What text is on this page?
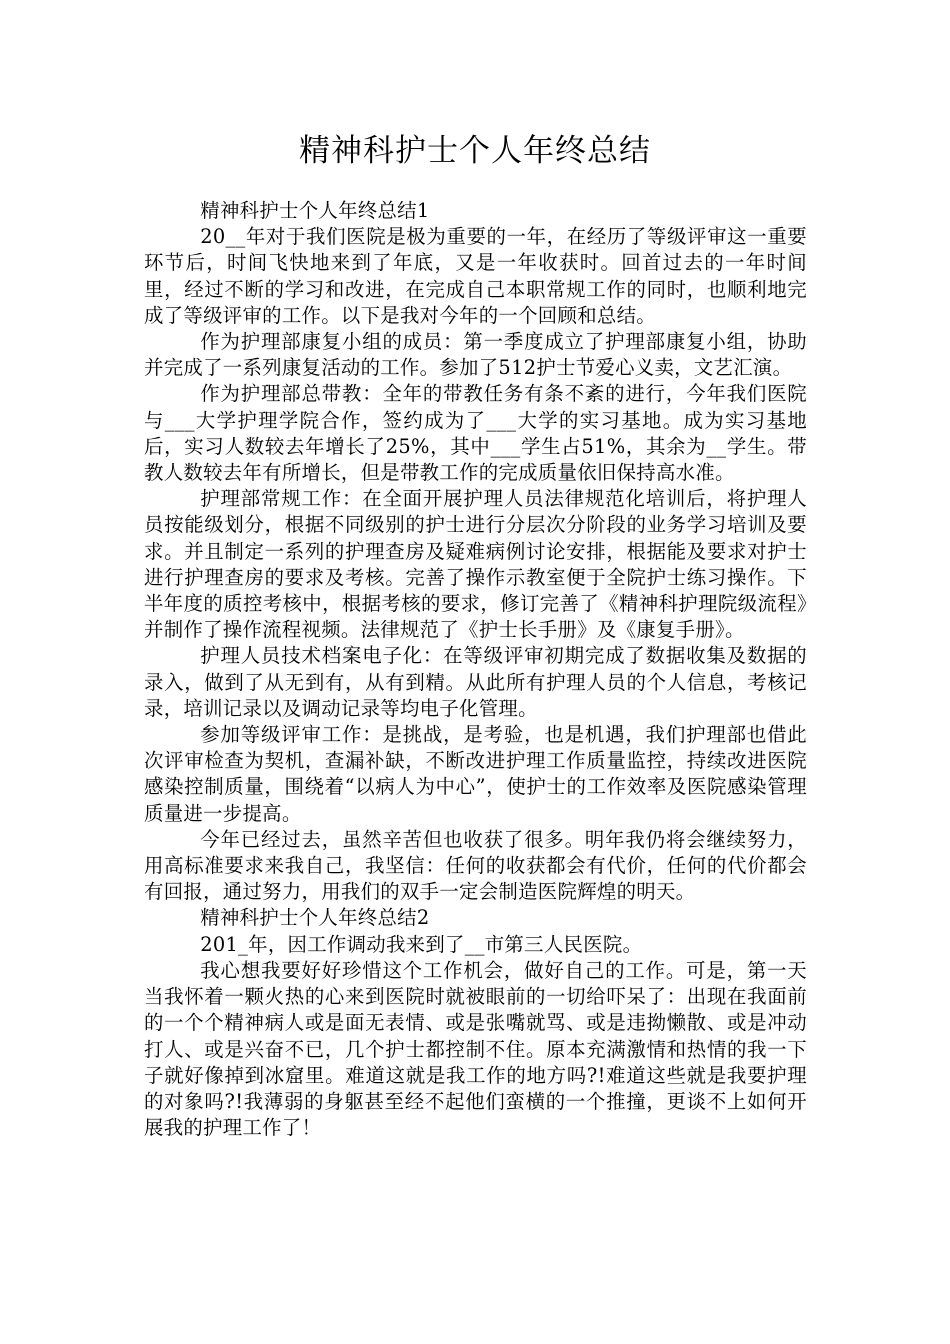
精神科护士个人年终总结

精神科护士个人年终总结1

20__年对于我们医院是极为重要的一年，在经历了等级评审这一重要环节后，时间飞快地来到了年底，又是一年收获时。回首过去的一年时间里，经过不断的学习和改进，在完成自己本职常规工作的同时，也顺利地完成了等级评审的工作。以下是我对今年的一个回顾和总结。

作为护理部康复小组的成员：第一季度成立了护理部康复小组，协助并完成了一系列康复活动的工作。参加了512护士节爱心义卖，文艺汇演。

作为护理部总带教：全年的带教任务有条不紊的进行，今年我们医院与___大学护理学院合作，签约成为了___大学的实习基地。成为实习基地后，实习人数较去年增长了25%，其中___学生占51%，其余为__学生。带教人数较去年有所增长，但是带教工作的完成质量依旧保持高水准。

护理部常规工作：在全面开展护理人员法律规范化培训后，将护理人员按能级划分，根据不同级别的护士进行分层次分阶段的业务学习培训及要求。并且制定一系列的护理查房及疑难病例讨论安排，根据能及要求对护士进行护理查房的要求及考核。完善了操作示教室便于全院护士练习操作。下半年度的质控考核中，根据考核的要求，修订完善了《精神科护理院级流程》并制作了操作流程视频。法律规范了《护士长手册》及《康复手册》。

护理人员技术档案电子化：在等级评审初期完成了数据收集及数据的录入，做到了从无到有，从有到精。从此所有护理人员的个人信息，考核记录，培训记录以及调动记录等均电子化管理。

参加等级评审工作：是挑战，是考验，也是机遇，我们护理部也借此次评审检查为契机，查漏补缺，不断改进护理工作质量监控，持续改进医院感染控制质量，围绕着“以病人为中心”，使护士的工作效率及医院感染管理质量进一步提高。

今年已经过去，虽然辛苦但也收获了很多。明年我仍将会继续努力，用高标准要求来我自己，我坚信：任何的收获都会有代价，任何的代价都会有回报，通过努力，用我们的双手一定会制造医院辉煌的明天。

精神科护士个人年终总结2

201_年，因工作调动我来到了__市第三人民医院。

我心想我要好好珍惜这个工作机会，做好自己的工作。可是，第一天当我怀着一颗火热的心来到医院时就被眼前的一切给吓呆了：出现在我面前的一个个精神病人或是面无表情、或是张嘴就骂、或是违拗懒散、或是冲动打人、或是兴奋不已，几个护士都控制不住。原本充满激情和热情的我一下子就好像掉到冰窟里。难道这就是我工作的地方吗?!难道这些就是我要护理的对象吗?!我薄弱的身躯甚至经不起他们蛮横的一个推撞，更谈不上如何开展我的护理工作了！
